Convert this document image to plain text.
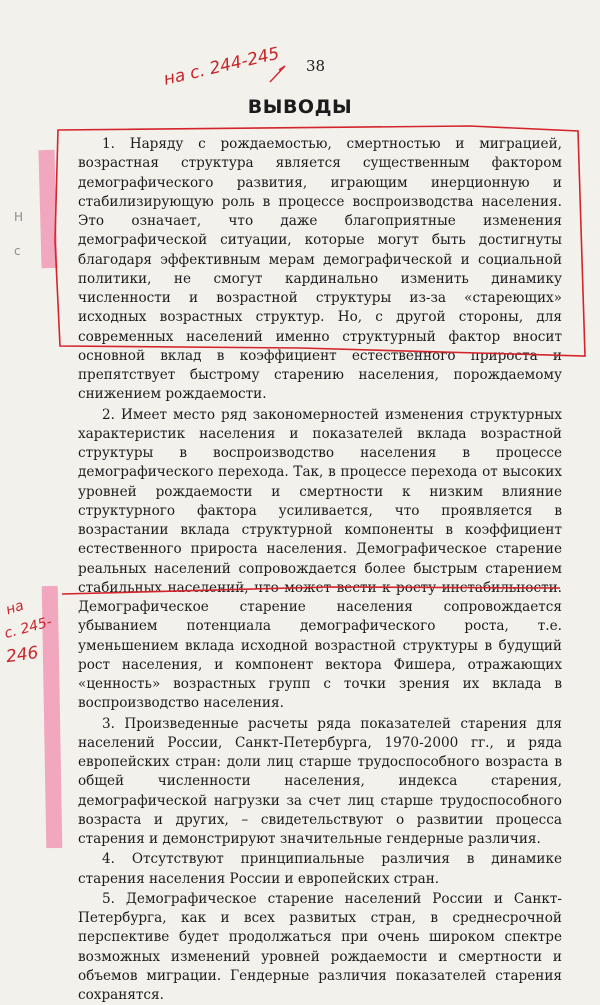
38
ВЫВОДЫ

1. Наряду с рождаемостью, смертностью и миграцией, возрастная структура является существенным фактором демографического развития, играющим инерционную и стабилизирующую роль в процессе воспроизводства населения. Это означает, что даже благоприятные изменения демографической ситуации, которые могут быть достигнуты благодаря эффективным мерам демографической и социальной политики, не смогут кардинально изменить динамику численности и возрастной структуры из-за «стареющих» исходных возрастных структур. Но, с другой стороны, для современных населений именно структурный фактор вносит основной вклад в коэффициент естественного прироста и препятствует быстрому старению населения, порождаемому снижением рождаемости.

2. Имеет место ряд закономерностей изменения структурных характеристик населения и показателей вклада возрастной структуры в воспроизводство населения в процессе демографического перехода. Так, в процессе перехода от высоких уровней рождаемости и смертности к низким влияние структурного фактора усиливается, что проявляется в возрастании вклада структурной компоненты в коэффициент естественного прироста населения. Демографическое старение реальных населений сопровождается более быстрым старением стабильных населений, что может вести к росту инстабильности. Демографическое старение населения сопровождается убыванием потенциала демографического роста, т.е. уменьшением вклада исходной возрастной структуры в будущий рост населения, и компонент вектора Фишера, отражающих «ценность» возрастных групп с точки зрения их вклада в воспроизводство населения.

3. Произведенные расчеты ряда показателей старения для населений России, Санкт-Петербурга, 1970-2000 гг., и ряда европейских стран: доли лиц старше трудоспособного возраста в общей численности населения, индекса старения, демографической нагрузки за счет лиц старше трудоспособного возраста и других, – свидетельствуют о развитии процесса старения и демонстрируют значительные гендерные различия.

4. Отсутствуют принципиальные различия в динамике старения населения России и европейских стран.

5. Демографическое старение населений России и Санкт-Петербурга, как и всех развитых стран, в среднесрочной перспективе будет продолжаться при очень широком спектре возможных изменений уровней рождаемости и смертности и объемов миграции. Гендерные различия показателей старения сохранятся.

на с. 244-245
на
с. 245-
246
Н
с
